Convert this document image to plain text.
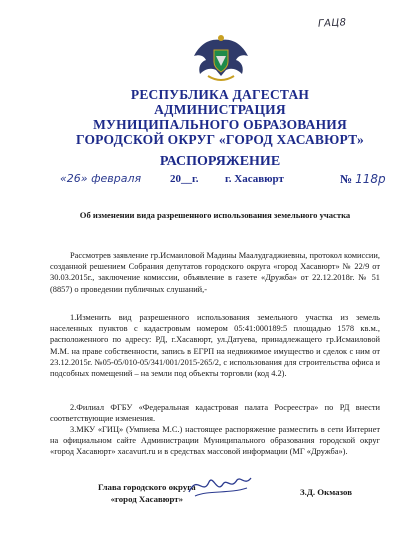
ГАЦ8
РЕСПУБЛИКА ДАГЕСТАН
АДМИНИСТРАЦИЯ
МУНИЦИПАЛЬНОГО ОБРАЗОВАНИЯ
ГОРОДСКОЙ ОКРУГ «ГОРОД ХАСАВЮРТ»
РАСПОРЯЖЕНИЕ
«26» февраля	20__г. г. Хасавюрт	№ 118р
Об изменении вида разрешенного использования земельного участка
Рассмотрев заявление гр.Исмаиловой Мадины Маалудгаджиевны, протокол комиссии, созданной решением Собрания депутатов городского округа «город Хасавюрт» № 22/9 от 30.03.2015г., заключение комиссии, объявление в газете «Дружба» от 22.12.2018г. № 51 (8857) о проведении публичных слушаний,-
1.Изменить вид разрешенного использования земельного участка из земель населенных пунктов с кадастровым номером 05:41:000189:5 площадью 1578 кв.м., расположенного по адресу: РД, г.Хасавюрт, ул.Датуева, принадлежащего гр.Исмаиловой М.М. на праве собственности, запись в ЕГРП на недвижимое имущество и сделок с ним от 23.12.2015г. №05-05/010-05/341/001/2015-265/2, с использования для строительства офиса и подсобных помещений – на земли под объекты торговли (код 4.2).
2.Филиал ФГБУ «Федеральная кадастровая палата Росреестра» по РД внести соответствующие изменения.
3.МКУ «ГИЦ» (Умпиева М.С.) настоящее распоряжение разместить в сети Интернет на официальном сайте Администрации Муниципального образования городской округ «город Хасавюрт» xacavurt.ru и в средствах массовой информации (МГ «Дружба»).
Глава городского округа
«город Хасавюрт»
З.Д. Окмазов
